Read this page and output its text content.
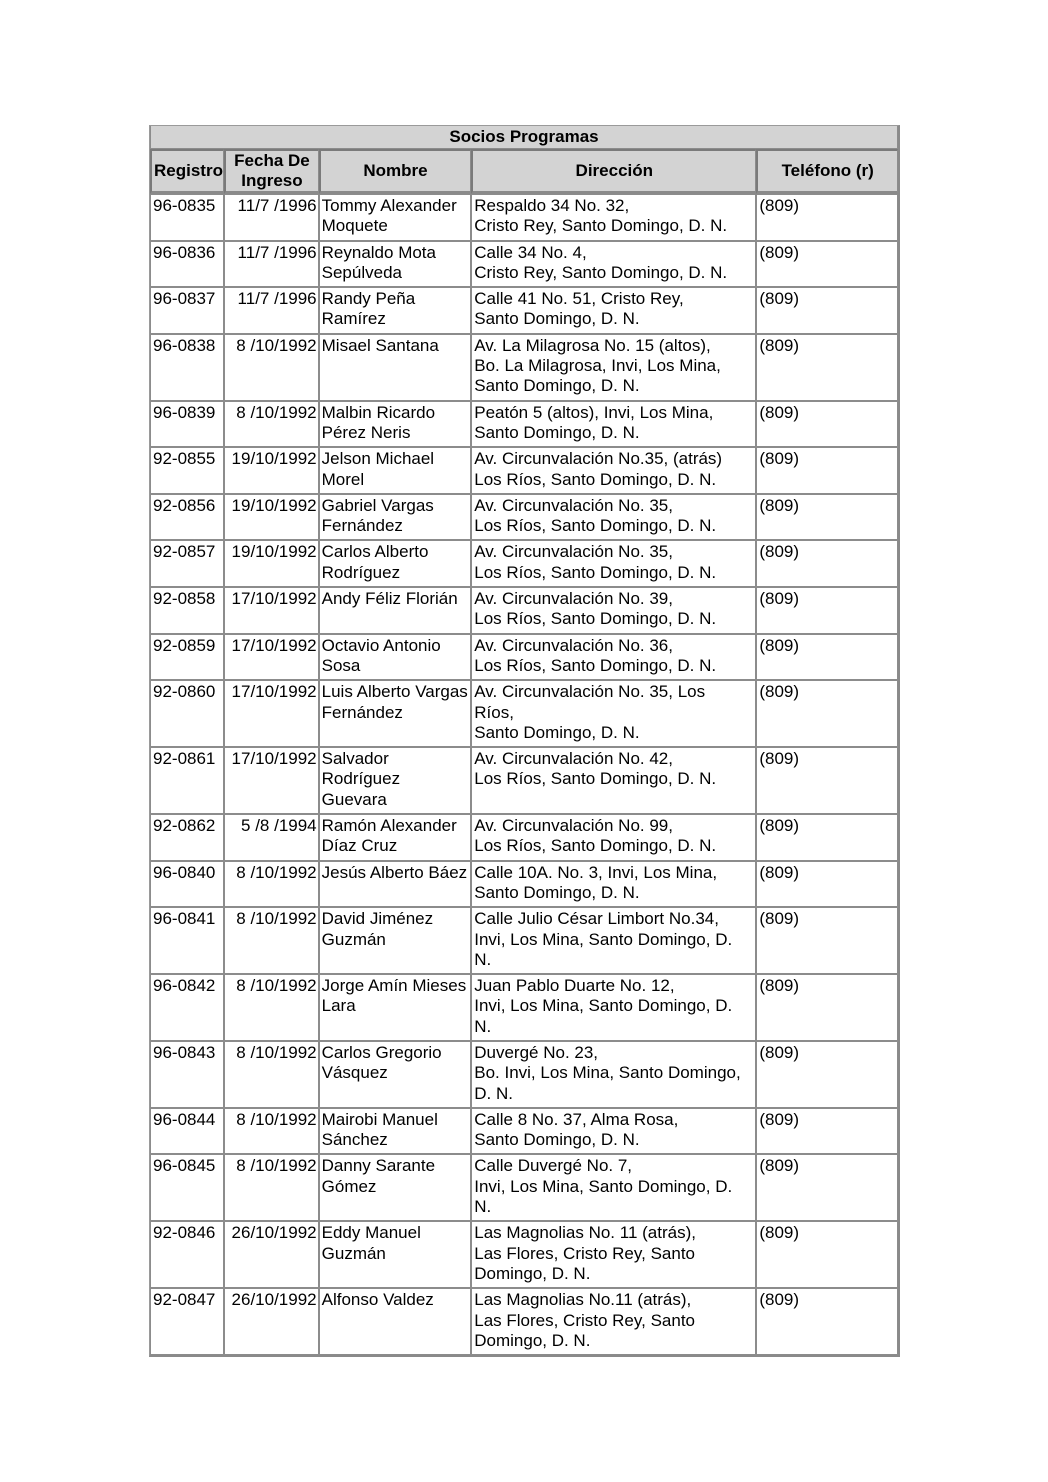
Socios Programas				
Registro	Fecha De Ingreso	Nombre	Dirección	Teléfono (r)
96-0835	11/7 /1996	Tommy Alexander Moquete	Respaldo 34 No. 32,
Cristo Rey, Santo Domingo, D. N.	(809)
96-0836	11/7 /1996	Reynaldo Mota Sepúlveda	Calle 34 No. 4,
Cristo Rey, Santo Domingo, D. N.	(809)
96-0837	11/7 /1996	Randy Peña Ramírez	Calle 41 No. 51, Cristo Rey,
Santo Domingo, D. N.	(809)
96-0838	8 /10/1992	Misael Santana	Av. La Milagrosa No. 15 (altos),
Bo. La Milagrosa, Invi, Los Mina,
Santo Domingo, D. N.	(809)
96-0839	8 /10/1992	Malbin Ricardo Pérez Neris	Peatón 5 (altos), Invi, Los Mina,
Santo Domingo, D. N.	(809)
92-0855	19/10/1992	Jelson Michael Morel	Av. Circunvalación No.35, (atrás)
Los Ríos, Santo Domingo, D. N.	(809)
92-0856	19/10/1992	Gabriel Vargas Fernández	Av. Circunvalación No. 35,
Los Ríos, Santo Domingo, D. N.	(809)
92-0857	19/10/1992	Carlos Alberto Rodríguez	Av. Circunvalación No. 35,
Los Ríos, Santo Domingo, D. N.	(809)
92-0858	17/10/1992	Andy Féliz Florián	Av. Circunvalación No. 39,
Los Ríos, Santo Domingo, D. N.	(809)
92-0859	17/10/1992	Octavio Antonio Sosa	Av. Circunvalación No. 36,
Los Ríos, Santo Domingo, D. N.	(809)
92-0860	17/10/1992	Luis Alberto Vargas Fernández	Av. Circunvalación No. 35, Los
Ríos,
Santo Domingo, D. N.	(809)
92-0861	17/10/1992	Salvador Rodríguez Guevara	Av. Circunvalación No. 42,
Los Ríos, Santo Domingo, D. N.	(809)
92-0862	5 /8 /1994	Ramón Alexander Díaz Cruz	Av. Circunvalación No. 99,
Los Ríos, Santo Domingo, D. N.	(809)
96-0840	8 /10/1992	Jesús Alberto Báez	Calle 10A. No. 3, Invi, Los Mina,
Santo Domingo, D. N.	(809)
96-0841	8 /10/1992	David Jiménez Guzmán	Calle Julio César Limbort No.34,
Invi, Los Mina, Santo Domingo, D.
N.	(809)
96-0842	8 /10/1992	Jorge Amín Mieses Lara	Juan Pablo Duarte No. 12,
Invi, Los Mina, Santo Domingo, D.
N.	(809)
96-0843	8 /10/1992	Carlos Gregorio Vásquez	Duvergé No. 23,
Bo. Invi, Los Mina, Santo Domingo,
D. N.	(809)
96-0844	8 /10/1992	Mairobi Manuel Sánchez	Calle 8 No. 37, Alma Rosa,
Santo Domingo, D. N.	(809)
96-0845	8 /10/1992	Danny Sarante Gómez	Calle Duvergé No. 7,
Invi, Los Mina, Santo Domingo, D.
N.	(809)
92-0846	26/10/1992	Eddy Manuel Guzmán	Las Magnolias No. 11 (atrás),
Las Flores, Cristo Rey, Santo
Domingo, D. N.	(809)
92-0847	26/10/1992	Alfonso Valdez	Las Magnolias No.11 (atrás),
Las Flores, Cristo Rey, Santo
Domingo, D. N.	(809)
